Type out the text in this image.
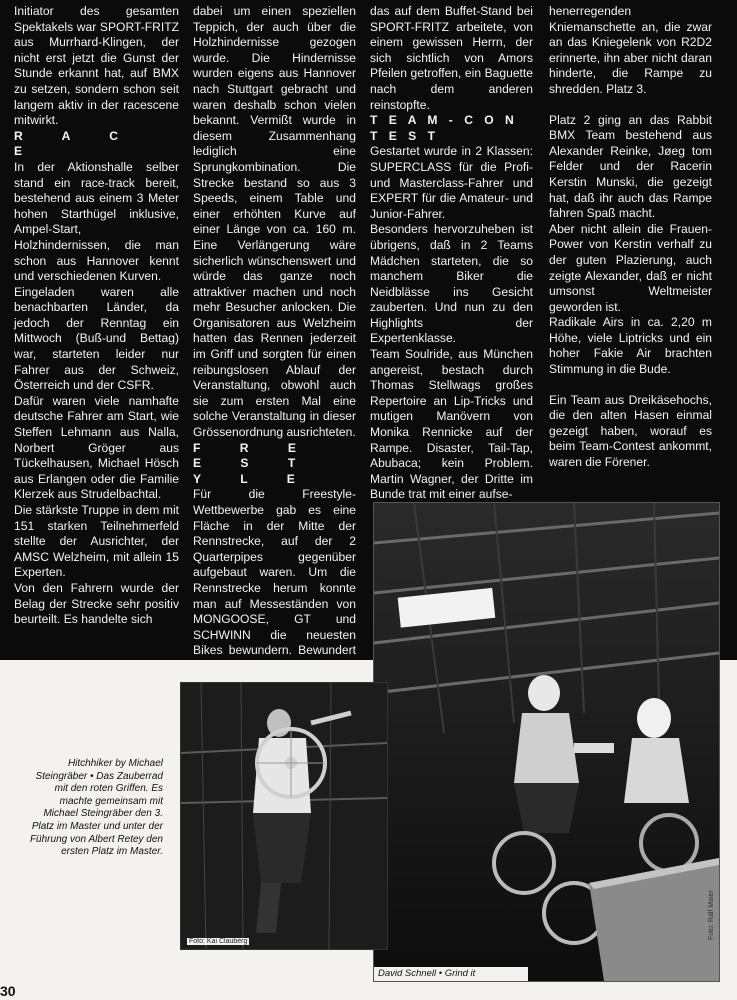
Initiator des gesamten Spektakels war SPORT-FRITZ aus Murrhard-Klingen, der nicht erst jetzt die Gunst der Stunde erkannt hat, auf BMX zu setzen, sondern schon seit langem aktiv in der racescene mitwirkt.

R A C E

In der Aktionshalle selber stand ein race-track bereit, bestehend aus einem 3 Meter hohen Starthügel inklusive, Ampel-Start, Holzhindernissen, die man schon aus Hannover kennt und verschiedenen Kurven.

Eingeladen waren alle benachbarten Länder, da jedoch der Renntag ein Mittwoch (Buß-und Bettag) war, starteten leider nur Fahrer aus der Schweiz, Österreich und der CSFR.

Dafür waren viele namhafte deutsche Fahrer am Start, wie Steffen Lehmann aus Nalla, Norbert Gröger aus Tückelhausen, Michael Hösch aus Erlangen oder die Familie Klerzek aus Strudelbachtal.

Die stärkste Truppe in dem mit 151 starken Teilnehmerfeld stellte der Ausrichter, der AMSC Welzheim, mit allein 15 Experten.

Von den Fahrern wurde der Belag der Strecke sehr positiv beurteilt. Es handelte sich

dabei um einen speziellen Teppich, der auch über die Holzhindernisse gezogen wurde. Die Hindernisse wurden eigens aus Hannover nach Stuttgart gebracht und waren deshalb schon vielen bekannt. Vermißt wurde in diesem Zusammenhang lediglich eine Sprungkombination. Die Strecke bestand so aus 3 Speeds, einem Table und einer erhöhten Kurve auf einer Länge von ca. 160 m. Eine Verlängerung wäre sicherlich wünschenswert und würde das ganze noch attraktiver machen und noch mehr Besucher anlocken. Die Organisatoren aus Welzheim hatten das Rennen jederzeit im Griff und sorgten für einen reibungslosen Ablauf der Veranstaltung, obwohl auch sie zum ersten Mal eine solche Veranstaltung in dieser Grössenordnung ausrichteten.

F R E E S T Y L E

Für die Freestyle-Wettbewerbe gab es eine Fläche in der Mitte der Rennstrecke, auf der 2 Quarterpipes gegenüber aufgebaut waren. Um die Rennstrecke herum konnte man auf Messeständen von MONGOOSE, GT und SCHWINN die neuesten Bikes bewundern. Bewundert wurde auch das Mädchen,

das auf dem Buffet-Stand bei SPORT-FRITZ arbeitete, von einem gewissen Herrn, der sich sichtlich von Amors Pfeilen getroffen, ein Baguette nach dem anderen reinstopfte.

T E A M - C O N T E S T

Gestartet wurde in 2 Klassen: SUPERCLASS für die Profi- und Masterclass-Fahrer und EXPERT für die Amateur- und Junior-Fahrer.

Besonders hervorzuheben ist übrigens, daß in 2 Teams Mädchen starteten, die so manchem Biker die Neidblässe ins Gesicht zauberten. Und nun zu den Highlights der Expertenklasse.

Team Soulride, aus München angereist, bestach durch Thomas Stellwags großes Repertoire an Lip-Tricks und mutigen Manövern von Monika Rennicke auf der Rampe. Disaster, Tail-Tap, Abubaca; kein Problem. Martin Wagner, der Dritte im Bunde trat mit einer aufse-

henerregenden Kniemanschette an, die zwar an das Kniegelenk von R2D2 erinnerte, ihn aber nicht daran hinderte, die Rampe zu shredden. Platz 3.

Platz 2 ging an das Rabbit BMX Team bestehend aus Alexander Reinke, Jøeg tom Felder und der Racerin Kerstin Munski, die gezeigt hat, daß ihr auch das Rampe fahren Spaß macht.

Aber nicht allein die Frauen-Power von Kerstin verhalf zu der guten Plazierung, auch zeigte Alexander, daß er nicht umsonst Weltmeister geworden ist.

Radikale Airs in ca. 2,20 m Höhe, viele Liptricks und ein hoher Fakie Air brachten Stimmung in die Bude.

Ein Team aus Dreikäsehochs, die den alten Hasen einmal gezeigt haben, worauf es beim Team-Contest ankommt, waren die Förener.

David Schnell • Grind it
Foto: Ralf Maier
Foto: Kai Clauberg
Hitchhiker by Michael Steingräber • Das Zauberrad mit den roten Griffen. Es machte gemeinsam mit Michael Steingräber den 3. Platz im Master und unter der Führung von Albert Retey den ersten Platz im Master.
30
